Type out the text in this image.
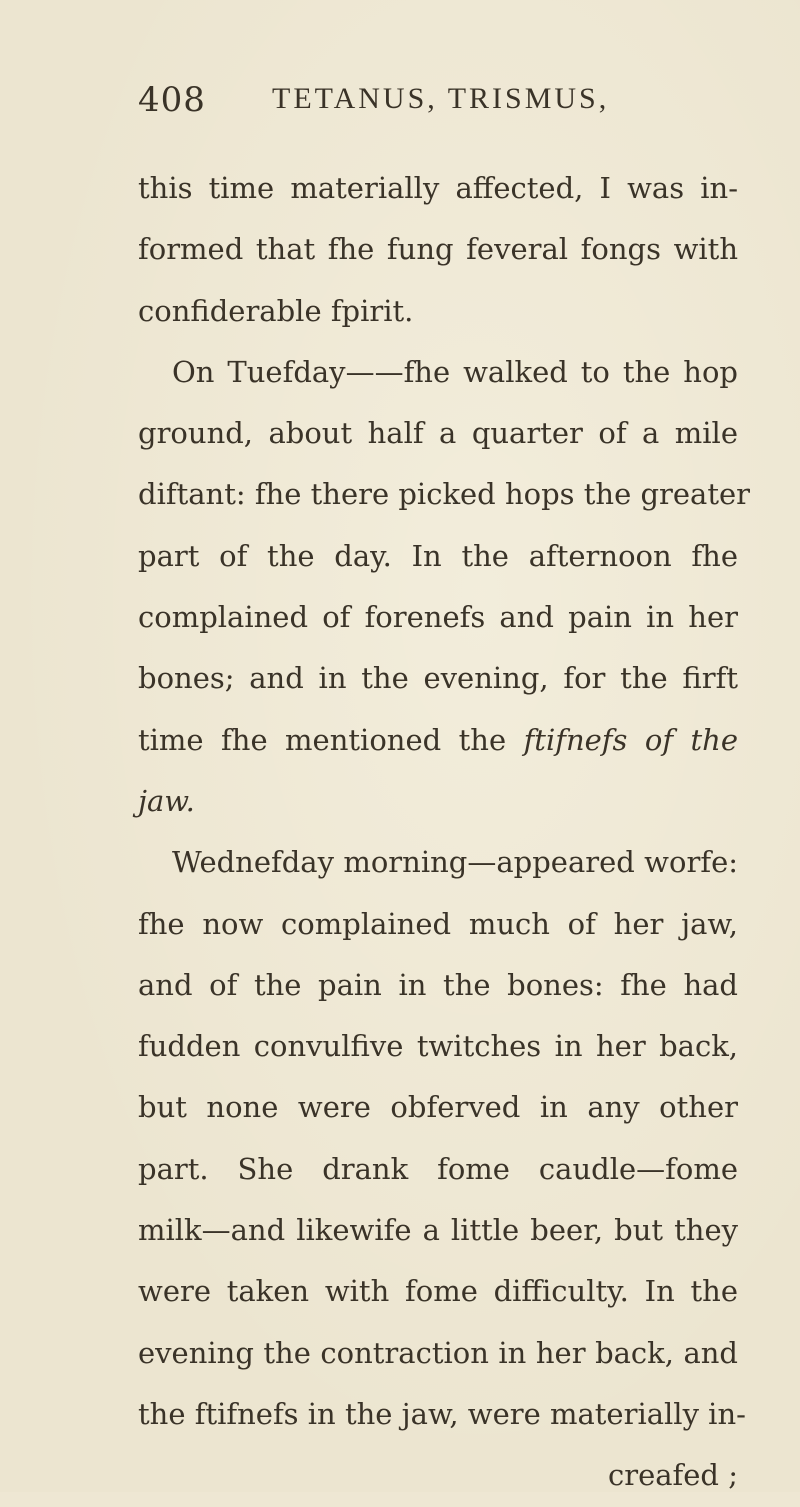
408 TETANUS, TRISMUS,
this time materially affected, I was in-
formed that fhe fung feveral fongs with
confiderable fpirit.
On Tuefday——fhe walked to the hop
ground, about half a quarter of a mile
diftant: fhe there picked hops the greater
part of the day. In the afternoon fhe
complained of forenefs and pain in her
bones; and in the evening, for the firft
time fhe mentioned the ftifnefs of the
jaw.
Wednefday morning—appeared worfe:
fhe now complained much of her jaw,
and of the pain in the bones: fhe had
fudden convulfive twitches in her back,
but none were obferved in any other
part. She drank fome caudle—fome
milk—and likewife a little beer, but they
were taken with fome difficulty. In the
evening the contraction in her back, and
the ftifnefs in the jaw, were materially in-
creafed ;
